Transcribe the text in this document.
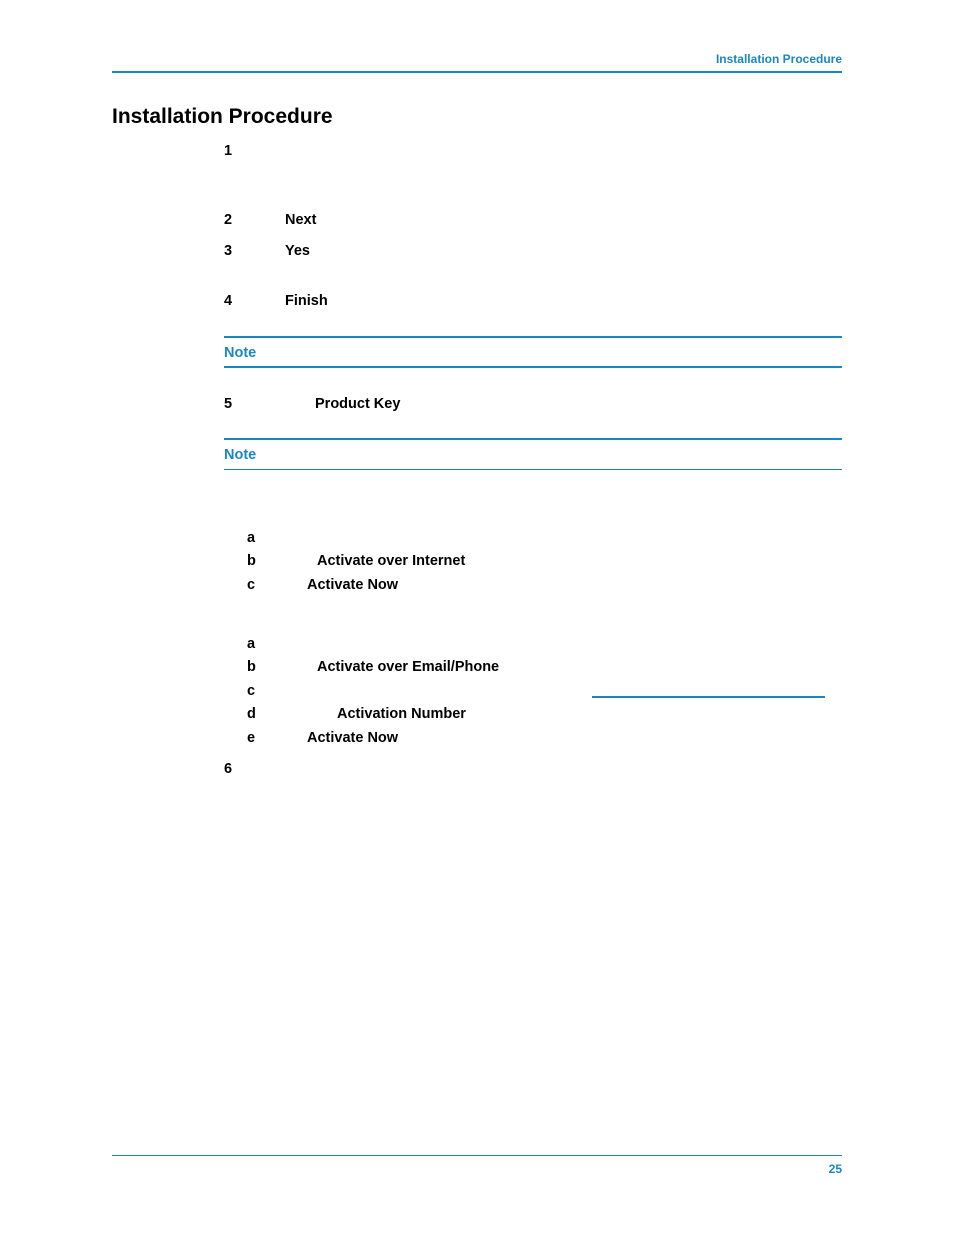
Installation Procedure
Installation Procedure
1
2	Next
3	Yes
4	Finish
Note
5	Product Key
Note
a
b	Activate over Internet
c	Activate Now
a
b	Activate over Email/Phone
c
d	Activation Number
e	Activate Now
6
25
